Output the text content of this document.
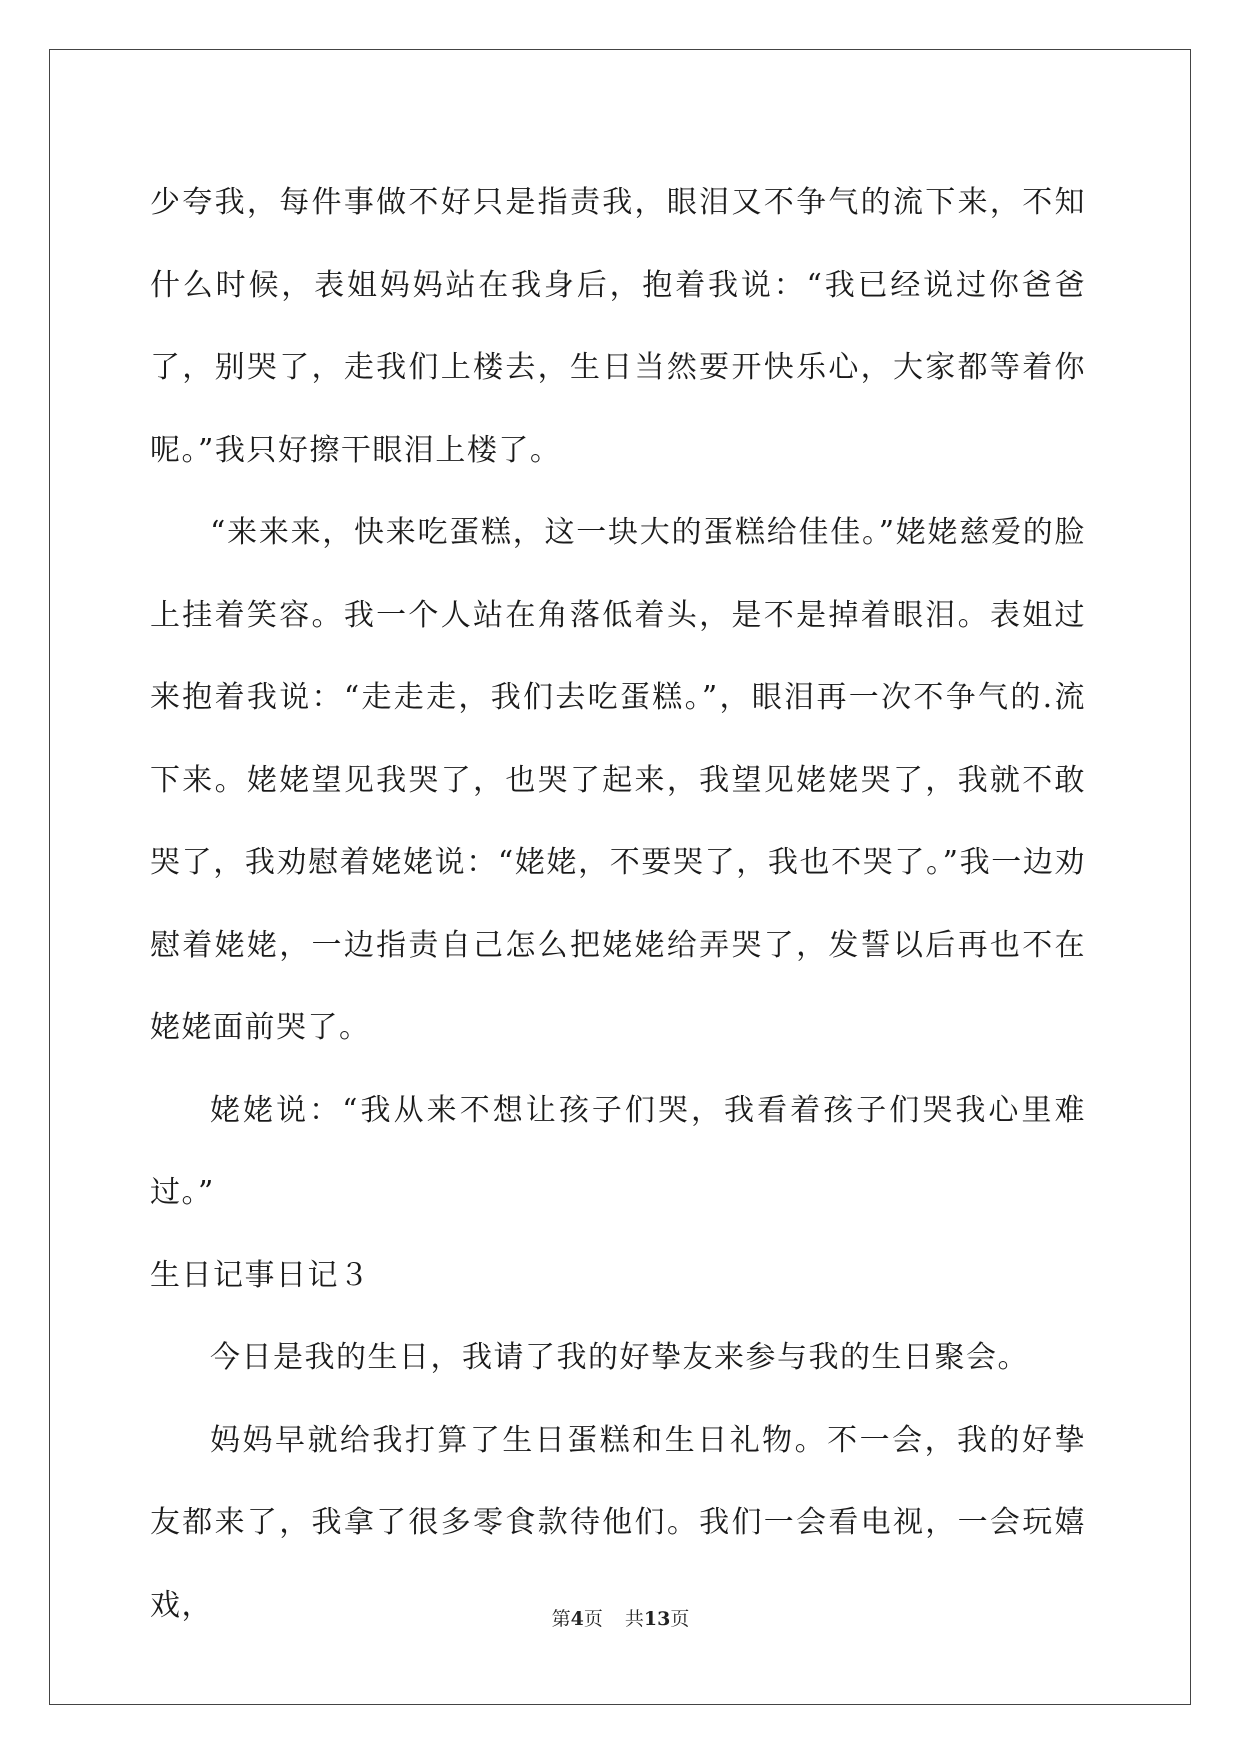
少夸我，每件事做不好只是指责我，眼泪又不争气的流下来，不知什么时候，表姐妈妈站在我身后，抱着我说：“我已经说过你爸爸了，别哭了，走我们上楼去，生日当然要开快乐心，大家都等着你呢。”我只好擦干眼泪上楼了。

“来来来，快来吃蛋糕，这一块大的蛋糕给佳佳。”姥姥慈爱的脸上挂着笑容。我一个人站在角落低着头，是不是掉着眼泪。表姐过来抱着我说：“走走走，我们去吃蛋糕。”，眼泪再一次不争气的.流下来。姥姥望见我哭了，也哭了起来，我望见姥姥哭了，我就不敢哭了，我劝慰着姥姥说：“姥姥，不要哭了，我也不哭了。”我一边劝慰着姥姥，一边指责自己怎么把姥姥给弄哭了，发誓以后再也不在姥姥面前哭了。

姥姥说：“我从来不想让孩子们哭，我看着孩子们哭我心里难过。”

生日记事日记３

今日是我的生日，我请了我的好挚友来参与我的生日聚会。

妈妈早就给我打算了生日蛋糕和生日礼物。不一会，我的好挚友都来了，我拿了很多零食款待他们。我们一会看电视，一会玩嬉戏，	第4页 共13页
